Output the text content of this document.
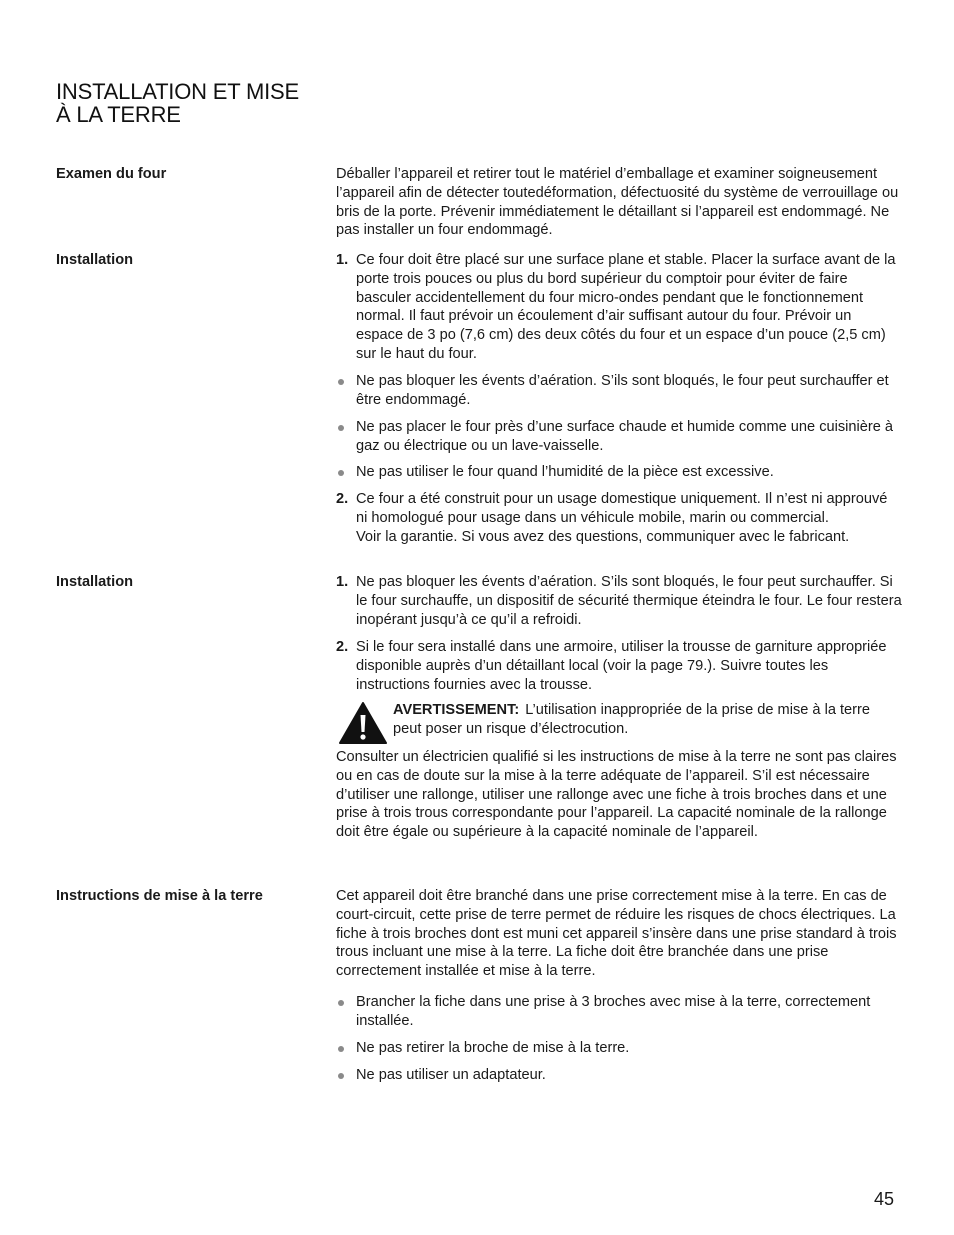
INSTALLATION ET MISE
À LA TERRE

Examen du four	Déballer l’appareil et retirer tout le matériel d’emballage et examiner soigneusement l’appareil afin de détecter toutedéformation, défectuosité du système de verrouillage ou bris de la porte. Prévenir immédiatement le détaillant si l’appareil est endommagé. Ne pas installer un four endommagé.

Installation	1. Ce four doit être placé sur une surface plane et stable. Placer la surface avant de la porte trois pouces ou plus du bord supérieur du comptoir pour éviter de faire basculer accidentellement du four micro-ondes pendant que le fonctionnement normal. Il faut prévoir un écoulement d’air suffisant autour du four. Prévoir un espace de 3 po (7,6 cm) des deux côtés du four et un espace d’un pouce (2,5 cm) sur le haut du four.

Ne pas bloquer les évents d’aération. S’ils sont bloqués, le four peut surchauffer et être endommagé.

Ne pas placer le four près d’une surface chaude et humide comme une cuisinière à gaz ou électrique ou un lave-vaisselle.

Ne pas utiliser le four quand l’humidité de la pièce est excessive.

2. Ce four a été construit pour un usage domestique uniquement. Il n’est ni approuvé ni homologué pour usage dans un véhicule mobile, marin ou commercial.

Voir la garantie. Si vous avez des questions, communiquer avec le fabricant.

Installation	1. Ne pas bloquer les évents d’aération. S’ils sont bloqués, le four peut surchauffer. Si le four surchauffe, un dispositif de sécurité thermique éteindra le four. Le four restera inopérant jusqu’à ce qu’il a refroidi.

2. Si le four sera installé dans une armoire, utiliser la trousse de garniture appropriée disponible auprès d’un détaillant local (voir la page 79.). Suivre toutes les instructions fournies avec la trousse.

AVERTISSEMENT: L’utilisation inappropriée de la prise de mise à la terre peut poser un risque d’électrocution.

Consulter un électricien qualifié si les instructions de mise à la terre ne sont pas claires ou en cas de doute sur la mise à la terre adéquate de l’appareil. S’il est nécessaire d’utiliser une rallonge, utiliser une rallonge avec une fiche à trois broches dans et une prise à trois trous correspondante pour l’appareil. La capacité nominale de la rallonge doit être égale ou supérieure à la capacité nominale de l’appareil.

Instructions de mise à la terre	Cet appareil doit être branché dans une prise correctement mise à la terre. En cas de court-circuit, cette prise de terre permet de réduire les risques de chocs électriques. La fiche à trois broches dont est muni cet appareil s’insère dans une prise standard à trois trous incluant une mise à la terre. La fiche doit être branchée dans une prise correctement installée et mise à la terre.

Brancher la fiche dans une prise à 3 broches avec mise à la terre, correctement installée.

Ne pas retirer la broche de mise à la terre.

Ne pas utiliser un adaptateur.

45
